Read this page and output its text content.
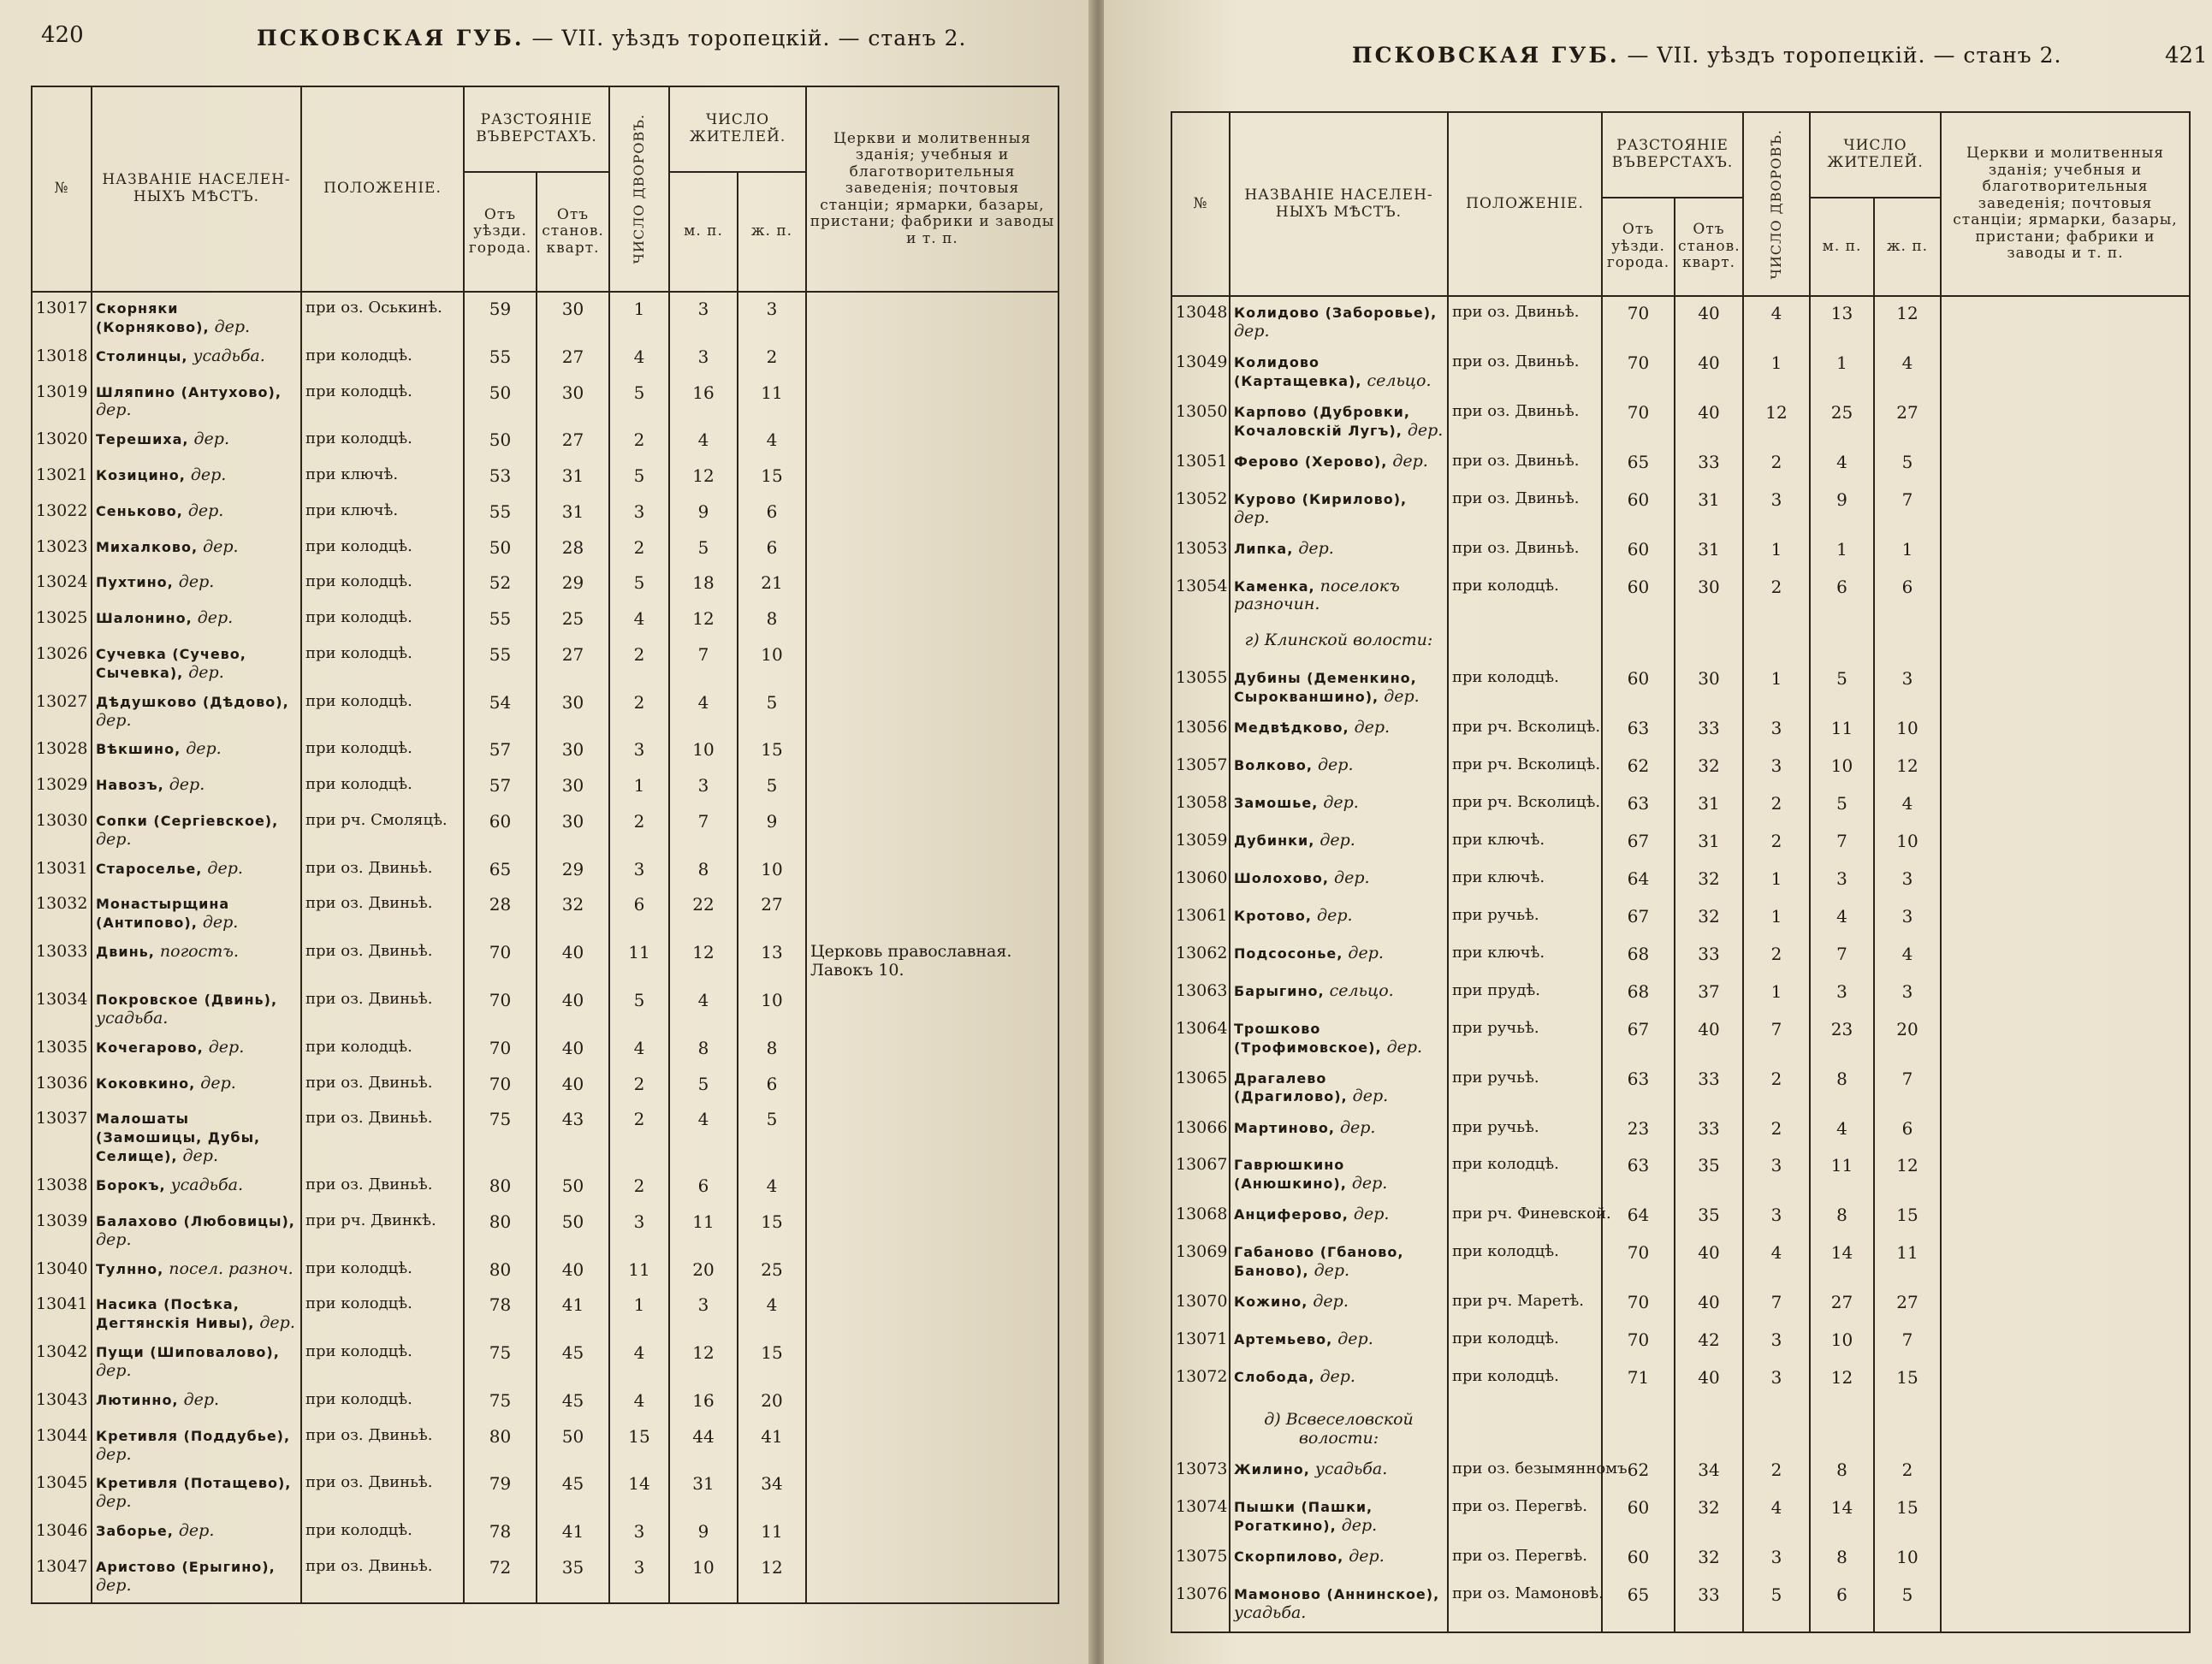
420	ПСКОВСКАЯ ГУБ. — VII. уѣздъ торопецкій. — станъ 2.
№	НАЗВАНІЕ НАСЕЛЕН- НЫХЪ МѢСТЪ.	ПОЛОЖЕНІЕ.	РАЗСТОЯНІЕ ВЪВЕРСТАХЪ.		ЧИСЛО ДВОРОВЪ.	ЧИСЛО ЖИТЕЛЕЙ.		Церкви и молитвенныя зданія; учебныя и благотворительныя заведенія; почтовыя станціи; ярмарки, базары, пристани; фабрики и заводы и т. п.
			Отъ уѣзди. города.	Отъ станов. кварт.		м. п.	ж. п.	

13017	Скорняки (Корняково), дер.	при оз. Оськинѣ.	59	30	1	3	3	
13018	Столинцы, усадьба.	при колодцѣ.	55	27	4	3	2	
13019	Шляпино (Антухово), дер.	при колодцѣ.	50	30	5	16	11	
13020	Терешиха, дер.	при колодцѣ.	50	27	2	4	4	
13021	Козицино, дер.	при ключѣ.	53	31	5	12	15	
13022	Сеньково, дер.	при ключѣ.	55	31	3	9	6	
13023	Михалково, дер.	при колодцѣ.	50	28	2	5	6	
13024	Пухтино, дер.	при колодцѣ.	52	29	5	18	21	
13025	Шалонино, дер.	при колодцѣ.	55	25	4	12	8	
13026	Сучевка (Сучево, Сычевка), дер.	при колодцѣ.	55	27	2	7	10	
13027	Дѣдушково (Дѣдово), дер.	при колодцѣ.	54	30	2	4	5	
13028	Вѣкшино, дер.	при колодцѣ.	57	30	3	10	15	
13029	Навозъ, дер.	при колодцѣ.	57	30	1	3	5	
13030	Сопки (Сергіевское), дер.	при рч. Смоляцѣ.	60	30	2	7	9	
13031	Староселье, дер.	при оз. Двиньѣ.	65	29	3	8	10	
13032	Монастырщина (Антипово), дер.	при оз. Двиньѣ.	28	32	6	22	27	
13033	Двинь, погостъ.	при оз. Двиньѣ.	70	40	11	12	13	Церковь православная. Лавокъ 10.
13034	Покровское (Двинь), усадьба.	при оз. Двиньѣ.	70	40	5	4	10	
13035	Кочегарово, дер.	при колодцѣ.	70	40	4	8	8	
13036	Коковкино, дер.	при оз. Двиньѣ.	70	40	2	5	6	
13037	Малошаты (Замошицы, Дубы, Селище), дер.	при оз. Двиньѣ.	75	43	2	4	5	
13038	Борокъ, усадьба.	при оз. Двиньѣ.	80	50	2	6	4	
13039	Балахово (Любовицы), дер.	при рч. Двинкѣ.	80	50	3	11	15	
13040	Тулнно, посел. разноч.	при колодцѣ.	80	40	11	20	25	
13041	Насика (Посѣка, Дегтянскія Нивы), дер.	при колодцѣ.	78	41	1	3	4	
13042	Пущи (Шиповалово), дер.	при колодцѣ.	75	45	4	12	15	
13043	Лютинно, дер.	при колодцѣ.	75	45	4	16	20	
13044	Кретивля (Поддубье), дер.	при оз. Двиньѣ.	80	50	15	44	41	
13045	Кретивля (Потащево), дер.	при оз. Двиньѣ.	79	45	14	31	34	
13046	Заборье, дер.	при колодцѣ.	78	41	3	9	11	
13047	Аристово (Ерыгино), дер.	при оз. Двиньѣ.	72	35	3	10	12	
ПСКОВСКАЯ ГУБ. — VII. уѣздъ торопецкій. — станъ 2.	421
№	НАЗВАНІЕ НАСЕЛЕН- НЫХЪ МѢСТЪ.	ПОЛОЖЕНІЕ.	РАЗСТОЯНІЕ ВЪВЕРСТАХЪ.		ЧИСЛО ДВОРОВЪ.	ЧИСЛО ЖИТЕЛЕЙ.		Церкви и молитвенныя зданія; учебныя и благотворительныя заведенія; почтовыя станціи; ярмарки, базары, пристани; фабрики и заводы и т. п.
			Отъ уѣзди. города.	Отъ станов. кварт.		м. п.	ж. п.	

13048	Колидово (Заборовье), дер.	при оз. Двиньѣ.	70	40	4	13	12	
13049	Колидово (Картащевка), сельцо.	при оз. Двиньѣ.	70	40	1	1	4	
13050	Карпово (Дубровки, Кочаловскій Лугъ), дер.	при оз. Двиньѣ.	70	40	12	25	27	
13051	Ферово (Херово), дер.	при оз. Двиньѣ.	65	33	2	4	5	
13052	Курово (Кирилово), дер.	при оз. Двиньѣ.	60	31	3	9	7	
13053	Липка, дер.	при оз. Двиньѣ.	60	31	1	1	1	
13054	Каменка, поселокъ разночин.	при колодцѣ.	60	30	2	6	6	
	г) Клинской волости:							
13055	Дубины (Деменкино, Сырокваншино), дер.	при колодцѣ.	60	30	1	5	3	
13056	Медвѣдково, дер.	при рч. Всколицѣ.	63	33	3	11	10	
13057	Волково, дер.	при рч. Всколицѣ.	62	32	3	10	12	
13058	Замошье, дер.	при рч. Всколицѣ.	63	31	2	5	4	
13059	Дубинки, дер.	при ключѣ.	67	31	2	7	10	
13060	Шолохово, дер.	при ключѣ.	64	32	1	3	3	
13061	Кротово, дер.	при ручьѣ.	67	32	1	4	3	
13062	Подсосонье, дер.	при ключѣ.	68	33	2	7	4	
13063	Барыгино, сельцо.	при прудѣ.	68	37	1	3	3	
13064	Трошково (Трофимовское), дер.	при ручьѣ.	67	40	7	23	20	
13065	Драгалево (Драгилово), дер.	при ручьѣ.	63	33	2	8	7	
13066	Мартиново, дер.	при ручьѣ.	23	33	2	4	6	
13067	Гаврюшкино (Анюшкино), дер.	при колодцѣ.	63	35	3	11	12	
13068	Анциферово, дер.	при рч. Финевской.	64	35	3	8	15	
13069	Габаново (Гбаново, Баново), дер.	при колодцѣ.	70	40	4	14	11	
13070	Кожино, дер.	при рч. Маретѣ.	70	40	7	27	27	
13071	Артемьево, дер.	при колодцѣ.	70	42	3	10	7	
13072	Слобода, дер.	при колодцѣ.	71	40	3	12	15	
	д) Всвеселовской волости:							
13073	Жилино, усадьба.	при оз. безымянномъ.	62	34	2	8	2	
13074	Пышки (Пашки, Рогаткино), дер.	при оз. Перегвѣ.	60	32	4	14	15	
13075	Скорпилово, дер.	при оз. Перегвѣ.	60	32	3	8	10	
13076	Мамоново (Аннинское), усадьба.	при оз. Мамоновѣ.	65	33	5	6	5	
